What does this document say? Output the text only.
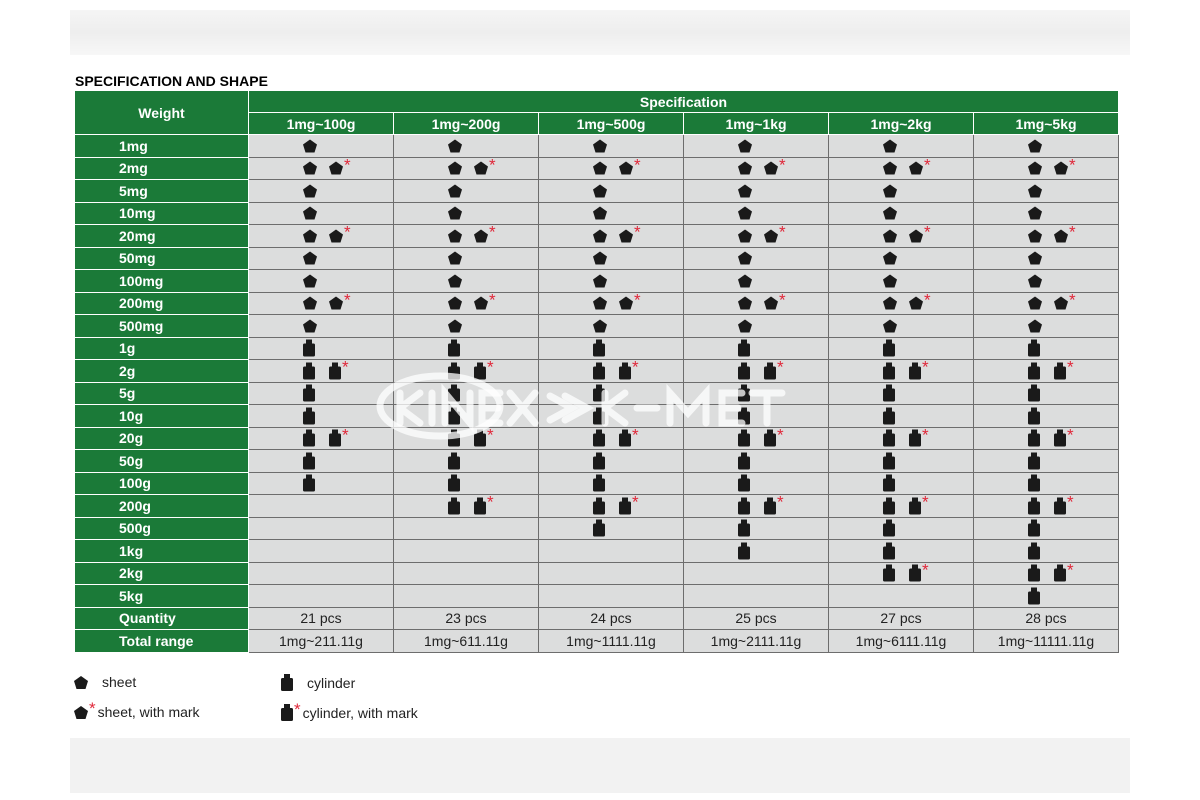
SPECIFICATION AND SHAPE
Weight	Specification					
	1mg~100g	1mg~200g	1mg~500g	1mg~1kg	1mg~2kg	1mg~5kg
1mg	

2mg	*	*	*	*	*	*

5mg	

10mg	

20mg	*	*	*	*	*	*

50mg	

100mg	

200mg	*	*	*	*	*	*

500mg	

1g	

2g	*	*	*	*	*	*

5g	

10g	

20g	*	*	*	*	*	*

50g	

100g	

200g		*	*	*	*	*

500g			

1kg				

2kg					*	*

5kg						

Quantity	21 pcs	23 pcs	24 pcs	25 pcs	27 pcs	28 pcs
Total range	1mg~211.11g	1mg~611.11g	1mg~1111.11g	1mg~2111.11g	1mg~6111.11g	1mg~11111.11g
sheet	cylinder
* sheet, with mark	* cylinder, with mark
